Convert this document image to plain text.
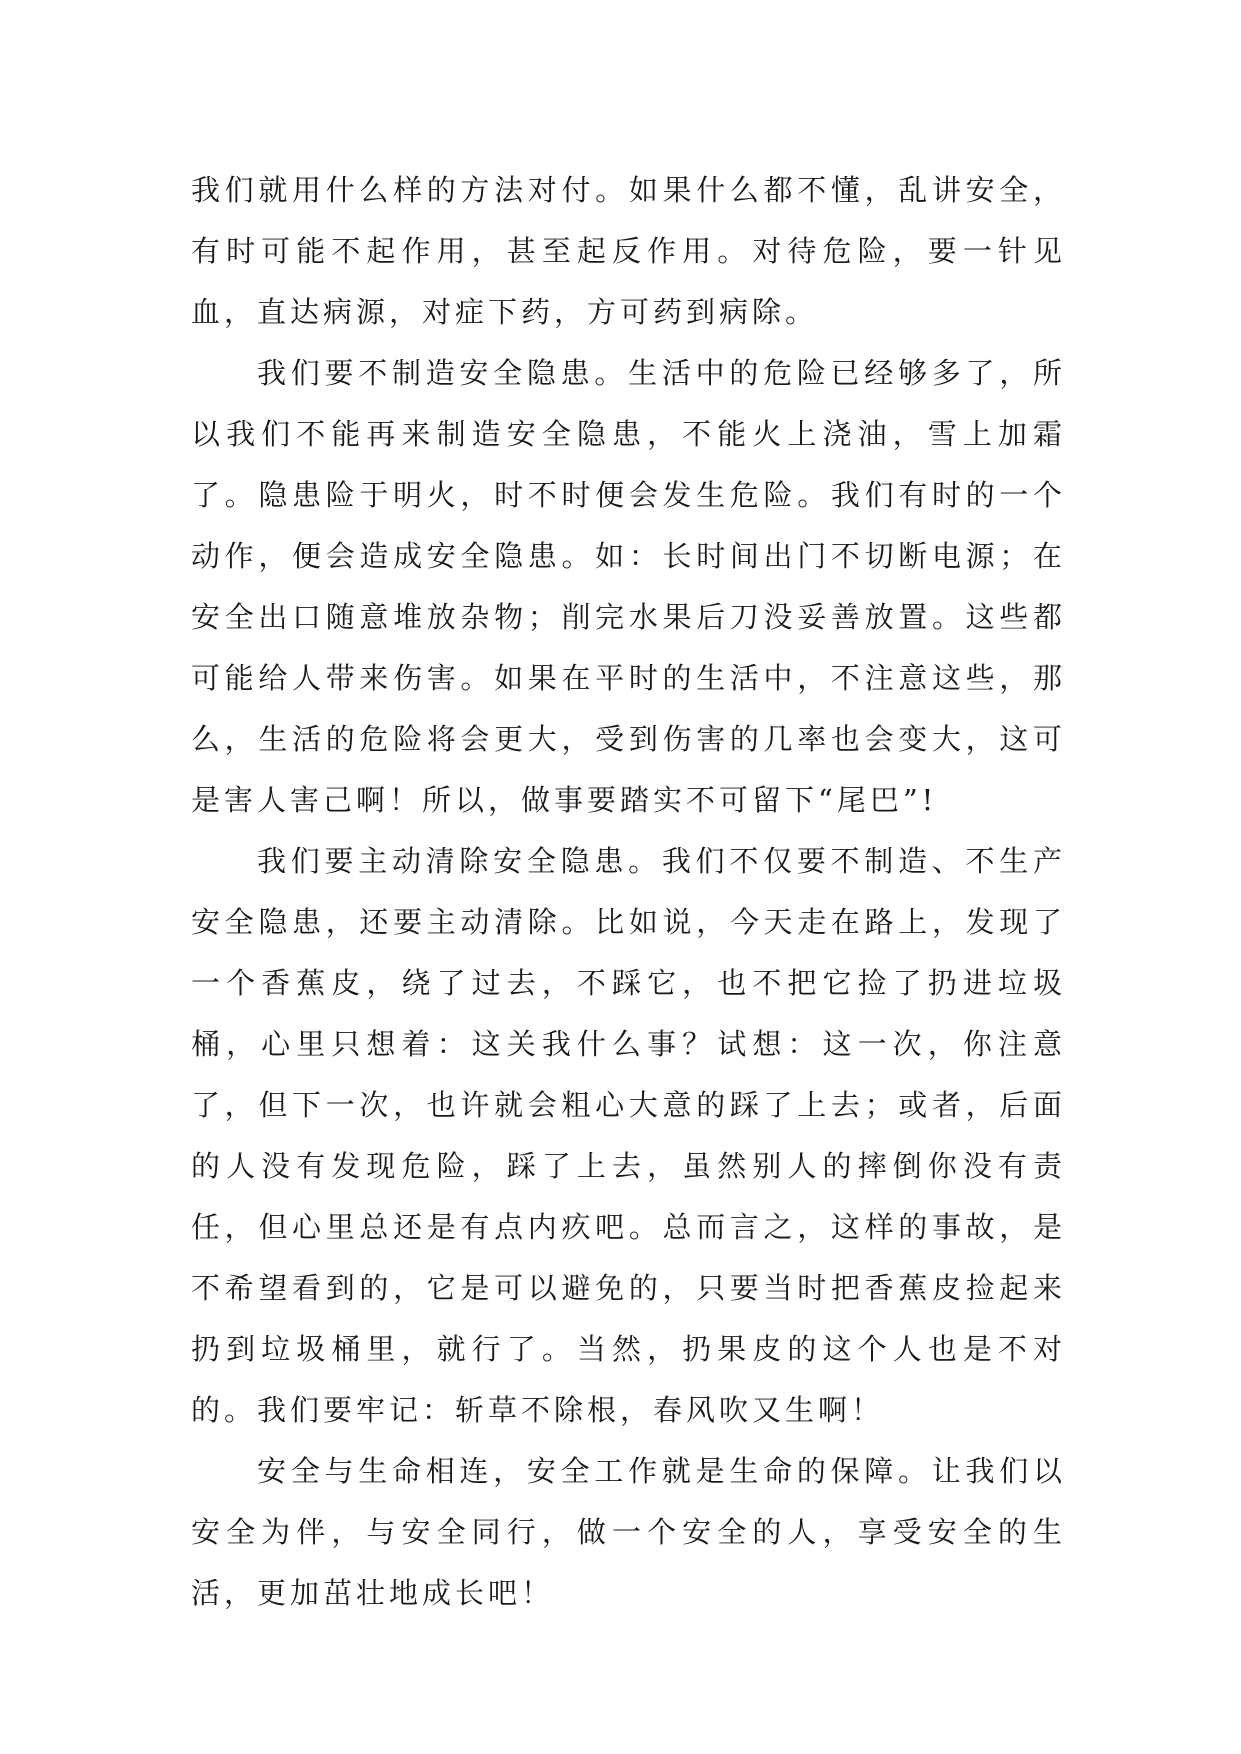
我们就用什么样的方法对付。如果什么都不懂，乱讲安全，有时可能不起作用，甚至起反作用。对待危险，要一针见血，直达病源，对症下药，方可药到病除。

我们要不制造安全隐患。生活中的危险已经够多了，所以我们不能再来制造安全隐患，不能火上浇油，雪上加霜了。隐患险于明火，时不时便会发生危险。我们有时的一个动作，便会造成安全隐患。如：长时间出门不切断电源；在安全出口随意堆放杂物；削完水果后刀没妥善放置。这些都可能给人带来伤害。如果在平时的生活中，不注意这些，那么，生活的危险将会更大，受到伤害的几率也会变大，这可是害人害己啊！所以，做事要踏实不可留下“尾巴”!

我们要主动清除安全隐患。我们不仅要不制造、不生产安全隐患，还要主动清除。比如说，今天走在路上，发现了一个香蕉皮，绕了过去，不踩它，也不把它捡了扔进垃圾桶，心里只想着：这关我什么事？试想：这一次，你注意了，但下一次，也许就会粗心大意的踩了上去；或者，后面的人没有发现危险，踩了上去，虽然别人的摔倒你没有责任，但心里总还是有点内疚吧。总而言之，这样的事故，是不希望看到的，它是可以避免的，只要当时把香蕉皮捡起来扔到垃圾桶里，就行了。当然，扔果皮的这个人也是不对的。我们要牢记：斩草不除根，春风吹又生啊！

安全与生命相连，安全工作就是生命的保障。让我们以安全为伴，与安全同行，做一个安全的人，享受安全的生活，更加茁壮地成长吧！
